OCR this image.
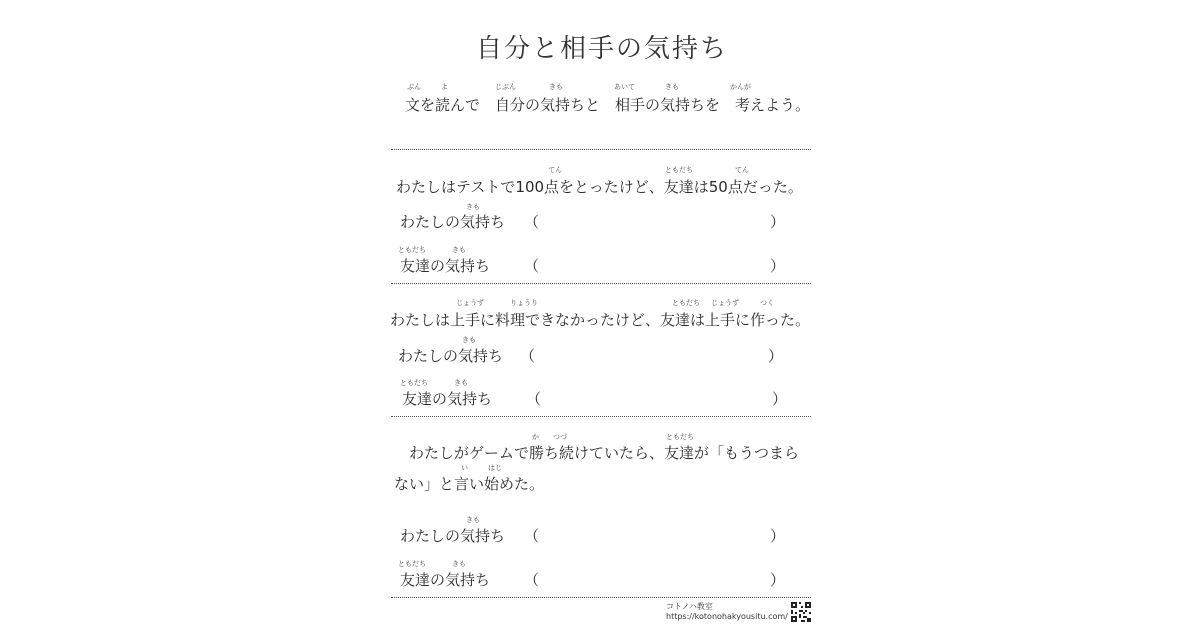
自分と相手の気持ち
ぶん	よ	じぶん	きも	あいて	きも	かんが
文を読んで　自分の気持ちと　相手の気持ちを　考えよう。
てん	ともだち	てん
わたしはテストで100点をとったけど、友達は50点だった。
きも
わたしの気持ち （	）
ともだち	きも
友達の気持ち （	）
じょうず	りょうり	ともだち じょうず	つく
わたしは上手に料理できなかったけど、友達は上手に作った。
きも
わたしの気持ち （	）
ともだち	きも
友達の気持ち （	）
か つづ	ともだち
わたしがゲームで勝ち続けていたら、友達が「もうつまら
い	はじ
ない」と言い始めた。
きも
わたしの気持ち （	）
ともだち	きも
友達の気持ち （	）
コトノハ教室
https://kotonohakyousitu.com/
